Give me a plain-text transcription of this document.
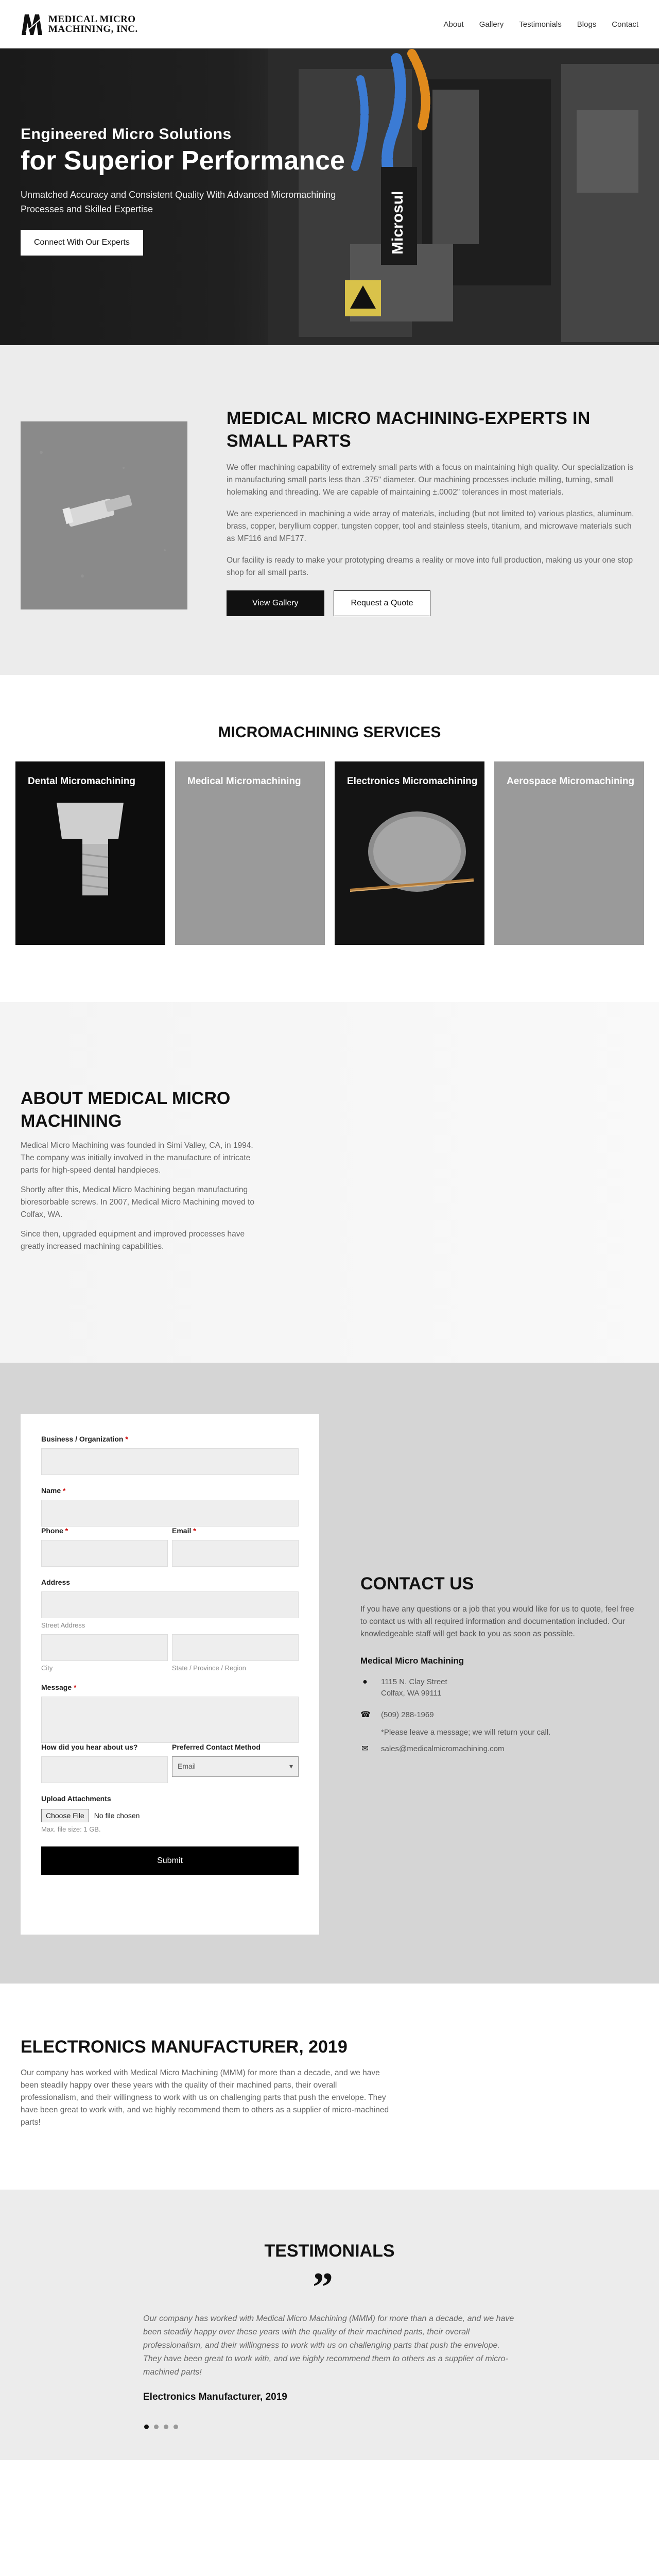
MEDICAL MICRO
MACHINING, INC.	About Gallery Testimonials Blogs Contact
Microsul
Engineered Micro Solutions
for Superior Performance
Unmatched Accuracy and Consistent Quality With Advanced Micromachining Processes and Skilled Expertise
Connect With Our Experts
MEDICAL MICRO MACHINING-EXPERTS IN SMALL PARTS
We offer machining capability of extremely small parts with a focus on maintaining high quality. Our specialization is in manufacturing small parts less than .375" diameter. Our machining processes include milling, turning, small holemaking and threading. We are capable of maintaining ±.0002" tolerances in most materials.
We are experienced in machining a wide array of materials, including (but not limited to) various plastics, aluminum, brass, copper, beryllium copper, tungsten copper, tool and stainless steels, titanium, and microwave materials such as MF116 and MF177.
Our facility is ready to make your prototyping dreams a reality or move into full production, making us your one stop shop for all small parts.
View Gallery	Request a Quote
MICROMACHINING SERVICES
Dental Micromachining	Medical Micromachining	Electronics Micromachining	Aerospace Micromachining
ABOUT MEDICAL MICRO MACHINING
Medical Micro Machining was founded in Simi Valley, CA, in 1994. The company was initially involved in the manufacture of intricate parts for high-speed dental handpieces.
Shortly after this, Medical Micro Machining began manufacturing bioresorbable screws. In 2007, Medical Micro Machining moved to Colfax, WA.
Since then, upgraded equipment and improved processes have greatly increased machining capabilities.
Business / Organization *
Name *
Phone *	Email *
Address
Street Address
City	State / Province / Region
Message *
How did you hear about us?	Preferred Contact Method
Email	▾
Upload Attachments
Choose File	No file chosen
Max. file size: 1 GB.
Submit
CONTACT US
If you have any questions or a job that you would like for us to quote, feel free to contact us with all required information and documentation included. Our knowledgeable staff will get back to you as soon as possible.
Medical Micro Machining
● 1115 N. Clay Street
Colfax, WA 99111
☎ (509) 288-1969
*Please leave a message; we will return your call.
✉ sales@medicalmicromachining.com
ELECTRONICS MANUFACTURER, 2019
Our company has worked with Medical Micro Machining (MMM) for more than a decade, and we have been steadily happy over these years with the quality of their machined parts, their overall professionalism, and their willingness to work with us on challenging parts that push the envelope. They have been great to work with, and we highly recommend them to others as a supplier of micro-machined parts!
TESTIMONIALS
”
Our company has worked with Medical Micro Machining (MMM) for more than a decade, and we have been steadily happy over these years with the quality of their machined parts, their overall professionalism, and their willingness to work with us on challenging parts that push the envelope. They have been great to work with, and we highly recommend them to others as a supplier of micro-machined parts!
Electronics Manufacturer, 2019
